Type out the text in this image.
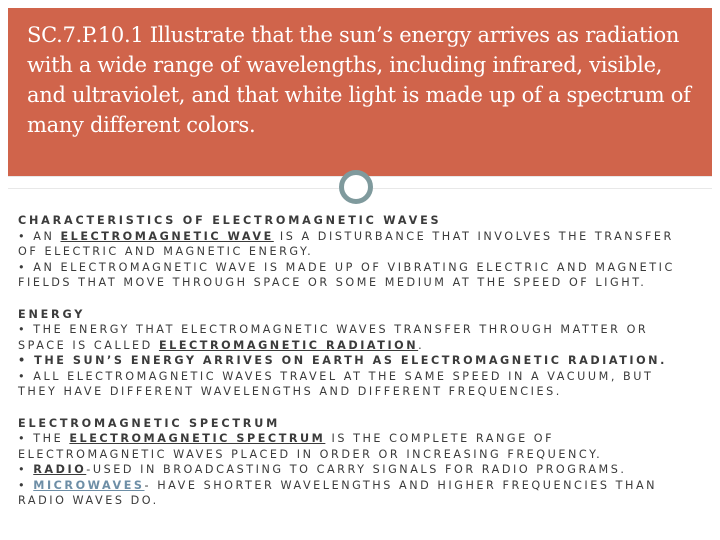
SC.7.P.10.1 Illustrate that the sun’s energy arrives as radiation with a wide range of wavelengths, including infrared, visible, and ultraviolet, and that white light is made up of a spectrum of many different colors.
CHARACTERISTICS OF ELECTROMAGNETIC WAVES
• AN ELECTROMAGNETIC WAVE IS A DISTURBANCE THAT INVOLVES THE TRANSFER OF ELECTRIC AND MAGNETIC ENERGY.
• AN ELECTROMAGNETIC WAVE IS MADE UP OF VIBRATING ELECTRIC AND MAGNETIC FIELDS THAT MOVE THROUGH SPACE OR SOME MEDIUM AT THE SPEED OF LIGHT.
ENERGY
• THE ENERGY THAT ELECTROMAGNETIC WAVES TRANSFER THROUGH MATTER OR SPACE IS CALLED ELECTROMAGNETIC RADIATION.
• THE SUN’S ENERGY ARRIVES ON EARTH AS ELECTROMAGNETIC RADIATION.
• ALL ELECTROMAGNETIC WAVES TRAVEL AT THE SAME SPEED IN A VACUUM, BUT THEY HAVE DIFFERENT WAVELENGTHS AND DIFFERENT FREQUENCIES.
ELECTROMAGNETIC SPECTRUM
• THE ELECTROMAGNETIC SPECTRUM IS THE COMPLETE RANGE OF ELECTROMAGNETIC WAVES PLACED IN ORDER OR INCREASING FREQUENCY.
• RADIO-USED IN BROADCASTING TO CARRY SIGNALS FOR RADIO PROGRAMS.
• MICROWAVES- HAVE SHORTER WAVELENGTHS AND HIGHER FREQUENCIES THAN RADIO WAVES DO.
